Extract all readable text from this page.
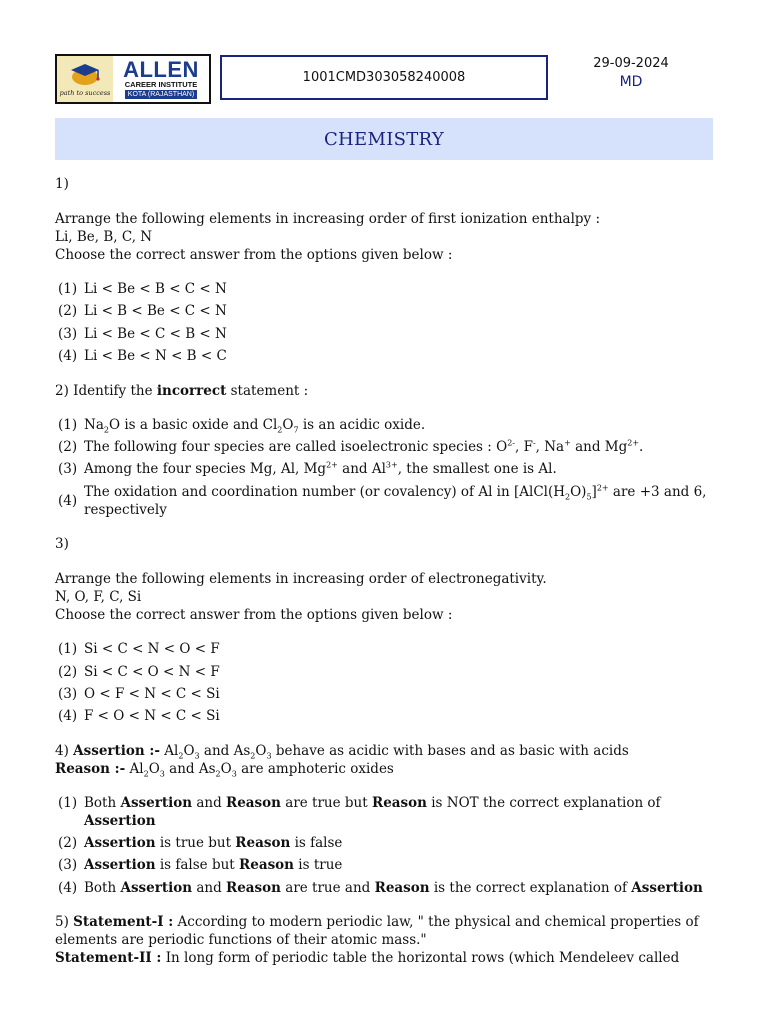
path to success
ALLEN
CAREER INSTITUTE
KOTA (RAJASTHAN)
1001CMD303058240008
29-09-2024
MD
CHEMISTRY
1)
Arrange the following elements in increasing order of first ionization enthalpy :
Li, Be, B, C, N
Choose the correct answer from the options given below :
(1) Li < Be < B < C < N
(2) Li < B < Be < C < N
(3) Li < Be < C < B < N
(4) Li < Be < N < B < C
2) Identify the incorrect statement :
(1) $Na_2O$ is a basic oxide and $Cl_2O_7$ is an acidic oxide.
(2) The following four species are called isoelectronic species : $O^{2-}$, F-, Na+ and $Mg^{2+}$.
(3) Among the four species Mg, Al, $Mg^{2+}$ and $Al^{3+}$, the smallest one is Al.
(4)
The oxidation and coordination number (or covalency) of Al in $[AlCl(H_2O)_5]^{2+}$ are +3 and 6,
respectively
3)
Arrange the following elements in increasing order of electronegativity.
N, O, F, C, Si
Choose the correct answer from the options given below :
(1) Si < C < N < O < F
(2) Si < C < O < N < F
(3) O < F < N < C < Si
(4) F < O < N < C < Si
4) Assertion :- $Al_2O_3$ and $As_2O_3$ behave as acidic with bases and as basic with acids
Reason :- $Al_2O_3$ and $As_2O_3$ are amphoteric oxides
(1) Both Assertion and Reason are true but Reason is NOT the correct explanation of Assertion
(2) Assertion is true but Reason is false
(3) Assertion is false but Reason is true
(4) Both Assertion and Reason are true and Reason is the correct explanation of Assertion
5) Statement-I : According to modern periodic law, " the physical and chemical properties of
elements are periodic functions of their atomic mass."
Statement-II : In long form of periodic table the horizontal rows (which Mendeleev called
